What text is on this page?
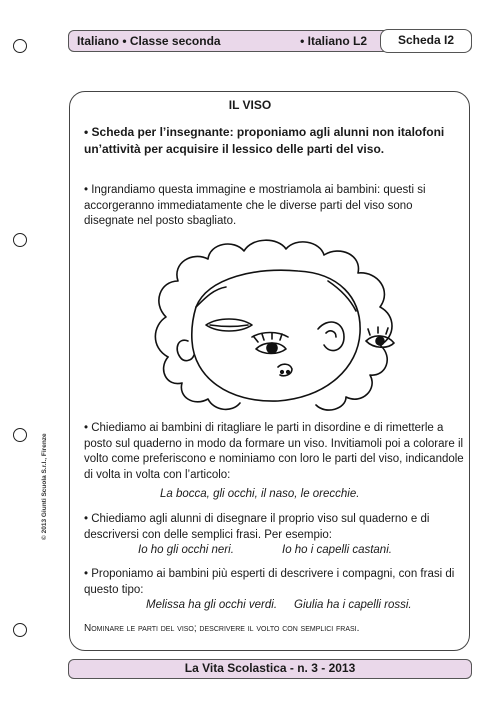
Italiano • Classe seconda	• Italiano L2	Scheda I2
IL VISO
• Scheda per l’insegnante: proponiamo agli alunni non italofoni un’attività per acquisire il lessico delle parti del viso.
• Ingrandiamo questa immagine e mostriamola ai bambini: questi si accorgeranno immediatamente che le diverse parti del viso sono disegnate nel posto sbagliato.
• Chiediamo ai bambini di ritagliare le parti in disordine e di rimetterle a posto sul quaderno in modo da formare un viso. Invitiamoli poi a colorare il volto come preferiscono e nominiamo con loro le parti del viso, indicandole di volta in volta con l’articolo:
La bocca, gli occhi, il naso, le orecchie.
• Chiediamo agli alunni di disegnare il proprio viso sul quaderno e di descriversi con delle semplici frasi. Per esempio:
Io ho gli occhi neri.	Io ho i capelli castani.
• Proponiamo ai bambini più esperti di descrivere i compagni, con frasi di questo tipo:
Melissa ha gli occhi verdi. Giulia ha i capelli rossi.
Nominare le parti del viso; descrivere il volto con semplici frasi.
© 2013 Giunti Scuola S.r.l., Firenze
La Vita Scolastica - n. 3 - 2013
